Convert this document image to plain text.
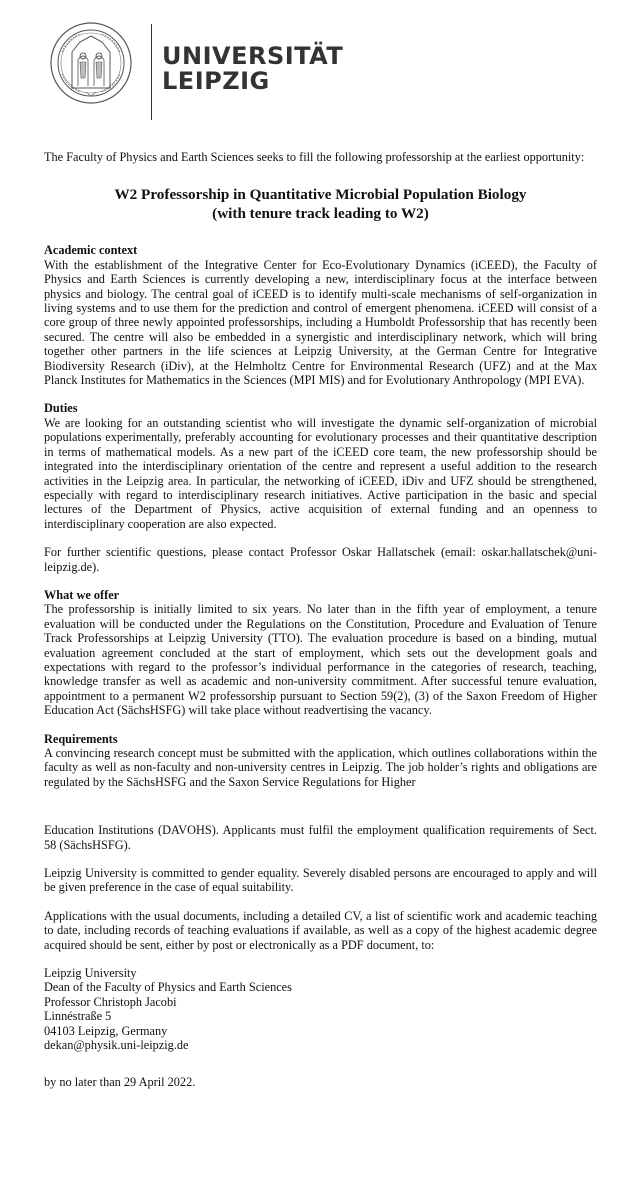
UNIVERSITÄT
LEIPZIG

The Faculty of Physics and Earth Sciences seeks to fill the following professorship at the earliest opportunity:

W2 Professorship in Quantitative Microbial Population Biology
(with tenure track leading to W2)

Academic context

With the establishment of the Integrative Center for Eco-Evolutionary Dynamics (iCEED), the Faculty of Physics and Earth Sciences is currently developing a new, interdisciplinary focus at the interface between physics and biology. The central goal of iCEED is to identify multi-scale mechanisms of self-organization in living systems and to use them for the prediction and control of emergent phenomena. iCEED will consist of a core group of three newly appointed professorships, including a Humboldt Professorship that has recently been secured. The centre will also be embedded in a synergistic and interdisciplinary network, which will bring together other partners in the life sciences at Leipzig University, at the German Centre for Integrative Biodiversity Research (iDiv), at the Helmholtz Centre for Environmental Research (UFZ) and at the Max Planck Institutes for Mathematics in the Sciences (MPI MIS) and for Evolutionary Anthropology (MPI EVA).

Duties

We are looking for an outstanding scientist who will investigate the dynamic self-organization of microbial populations experimentally, preferably accounting for evolutionary processes and their quantitative description in terms of mathematical models. As a new part of the iCEED core team, the new professorship should be integrated into the interdisciplinary orientation of the centre and represent a useful addition to the research activities in the Leipzig area. In particular, the networking of iCEED, iDiv and UFZ should be strengthened, especially with regard to interdisciplinary research initiatives. Active participation in the basic and special lectures of the Department of Physics, active acquisition of external funding and an openness to interdisciplinary cooperation are also expected.

For further scientific questions, please contact Professor Oskar Hallatschek (email: oskar.hallatschek@uni-leipzig.de).

What we offer

The professorship is initially limited to six years. No later than in the fifth year of employment, a tenure evaluation will be conducted under the Regulations on the Constitution, Procedure and Evaluation of Tenure Track Professorships at Leipzig University (TTO). The evaluation procedure is based on a binding, mutual evaluation agreement concluded at the start of employment, which sets out the development goals and expectations with regard to the professor’s individual performance in the categories of research, teaching, knowledge transfer as well as academic and non-university commitment. After successful tenure evaluation, appointment to a permanent W2 professorship pursuant to Section 59(2), (3) of the Saxon Freedom of Higher Education Act (SächsHSFG) will take place without readvertising the vacancy.

Requirements

A convincing research concept must be submitted with the application, which outlines collaborations within the faculty as well as non-faculty and non-university centres in Leipzig. The job holder’s rights and obligations are regulated by the SächsHSFG and the Saxon Service Regulations for Higher

Education Institutions (DAVOHS). Applicants must fulfil the employment qualification requirements of Sect. 58 (SächsHSFG).

Leipzig University is committed to gender equality. Severely disabled persons are encouraged to apply and will be given preference in the case of equal suitability.

Applications with the usual documents, including a detailed CV, a list of scientific work and academic teaching to date, including records of teaching evaluations if available, as well as a copy of the highest academic degree acquired should be sent, either by post or electronically as a PDF document, to:

Leipzig University
Dean of the Faculty of Physics and Earth Sciences
Professor Christoph Jacobi
Linnéstraße 5
04103 Leipzig, Germany
dekan@physik.uni-leipzig.de

by no later than 29 April 2022.
